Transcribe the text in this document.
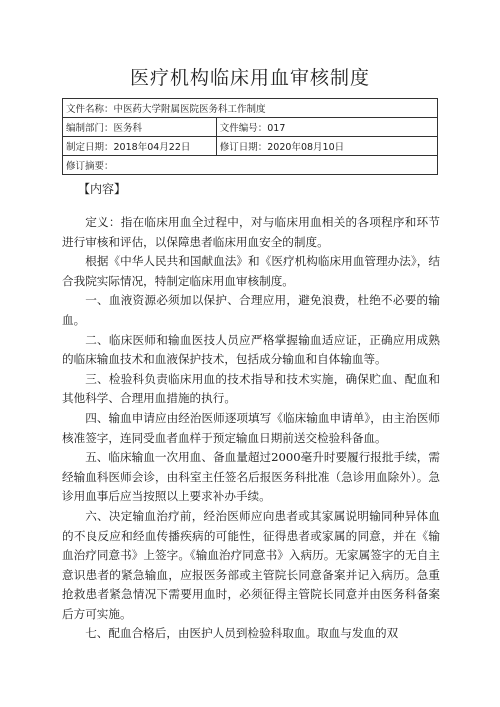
医疗机构临床用血审核制度
文件名称：中医药大学附属医院医务科工作制度	
编制部门：医务科	文件编号：017
制定日期：2018年04月22日	修订日期：2020年08月10日
修订摘要：	
【内容】

定义：指在临床用血全过程中，对与临床用血相关的各项程序和环节进行审核和评估，以保障患者临床用血安全的制度。

根据《中华人民共和国献血法》和《医疗机构临床用血管理办法》，结合我院实际情况，特制定临床用血审核制度。

一、血液资源必须加以保护、合理应用，避免浪费，杜绝不必要的输血。

二、临床医师和输血医技人员应严格掌握输血适应证，正确应用成熟的临床输血技术和血液保护技术，包括成分输血和自体输血等。

三、检验科负责临床用血的技术指导和技术实施，确保贮血、配血和其他科学、合理用血措施的执行。

四、输血申请应由经治医师逐项填写《临床输血申请单》，由主治医师核准签字，连同受血者血样于预定输血日期前送交检验科备血。

五、临床输血一次用血、备血量超过2000毫升时要履行报批手续，需经输血科医师会诊，由科室主任签名后报医务科批准（急诊用血除外）。急诊用血事后应当按照以上要求补办手续。

六、决定输血治疗前，经治医师应向患者或其家属说明输同种异体血的不良反应和经血传播疾病的可能性，征得患者或家属的同意，并在《输血治疗同意书》上签字。《输血治疗同意书》入病历。无家属签字的无自主意识患者的紧急输血，应报医务部或主管院长同意备案并记入病历。急重抢救患者紧急情况下需要用血时，必须征得主管院长同意并由医务科备案后方可实施。

七、配血合格后，由医护人员到检验科取血。取血与发血的双
